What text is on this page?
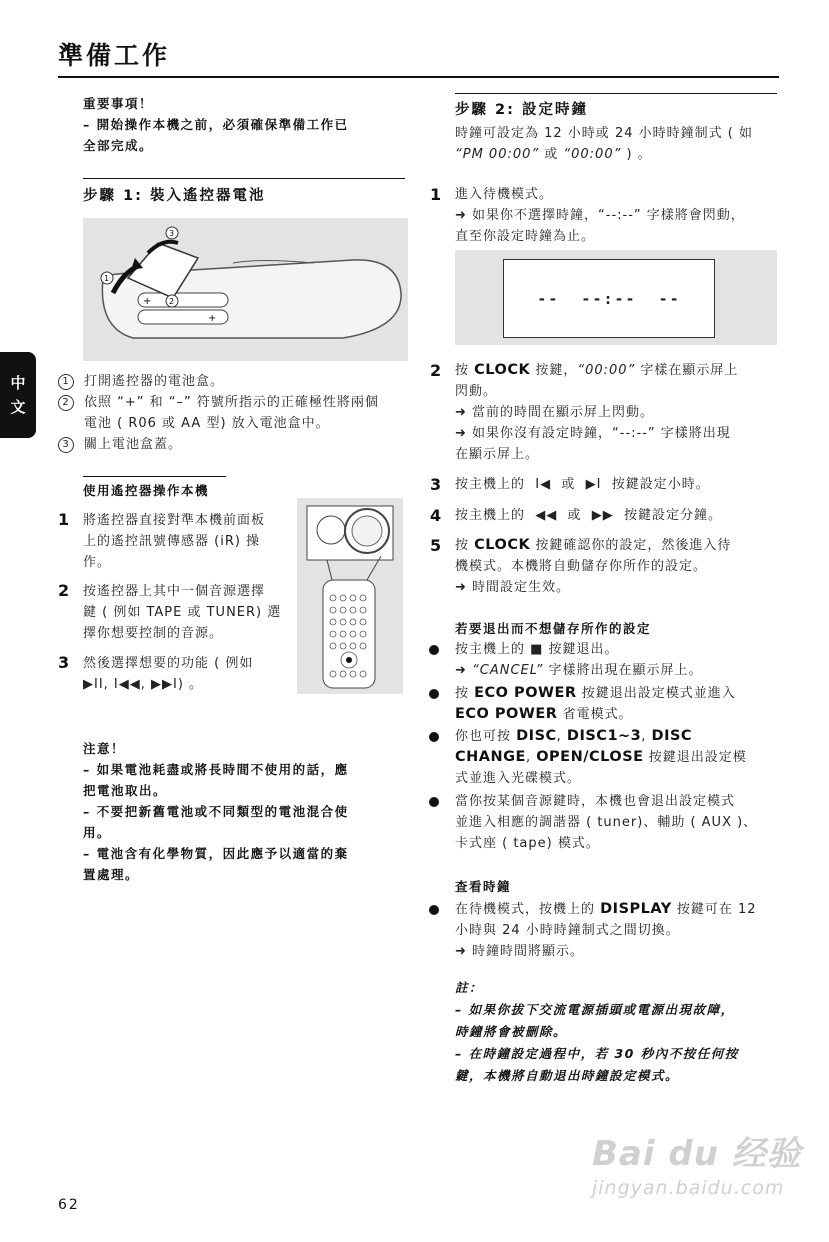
準備工作
中
文
重要事項！
– 開始操作本機之前，必須確保準備工作已
全部完成。
步驟 1: 裝入遙控器電池
+
+
1
2
3
1	打開遙控器的電池盒。
2	依照 “+” 和 “–” 符號所指示的正確極性將兩個
電池 ( R06 或 AA 型) 放入電池盒中。
3	關上電池盒蓋。
使用遙控器操作本機
1 將遙控器直接對準本機前面板
上的遙控訊號傳感器 (iR) 操
作。
2 按遙控器上其中一個音源選擇
鍵 ( 例如 TAPE 或 TUNER) 選
擇你想要控制的音源。
3 然後選擇想要的功能 ( 例如
▶II, I◀◀, ▶▶I) 。
注意！
– 如果電池耗盡或將長時間不使用的話，應
把電池取出。
– 不要把新舊電池或不同類型的電池混合使
用。
– 電池含有化學物質，因此應予以適當的棄
置處理。
步驟 2: 設定時鐘
時鐘可設定為 12 小時或 24 小時時鐘制式 ( 如
“PM 00:00” 或 “00:00” ) 。
1 進入待機模式。
➜ 如果你不選擇時鐘，“--:--” 字樣將會閃動，
直至你設定時鐘為止。
--  --:--  --
2 按 CLOCK 按鍵，“00:00” 字樣在顯示屏上
閃動。
➜ 當前的時間在顯示屏上閃動。
➜ 如果你沒有設定時鐘，“--:--” 字樣將出現
在顯示屏上。
3 按主機上的  I◀  或  ▶I  按鍵設定小時。
4 按主機上的  ◀◀  或  ▶▶  按鍵設定分鐘。
5 按 CLOCK 按鍵確認你的設定，然後進入待
機模式。本機將自動儲存你所作的設定。
➜ 時間設定生效。
若要退出而不想儲存所作的設定
按主機上的 ■ 按鍵退出。
➜ “CANCEL” 字樣將出現在顯示屏上。
按 ECO POWER 按鍵退出設定模式並進入
ECO POWER 省電模式。
你也可按 DISC, DISC1~3, DISC
CHANGE, OPEN/CLOSE 按鍵退出設定模
式並進入光碟模式。
當你按某個音源鍵時，本機也會退出設定模式
並進入相應的調諧器 ( tuner)、輔助 ( AUX )、
卡式座 ( tape) 模式。
查看時鐘
在待機模式，按機上的 DISPLAY 按鍵可在 12
小時與 24 小時時鐘制式之間切換。
➜ 時鐘時間將顯示。
註：
– 如果你拔下交流電源插頭或電源出現故障，
時鐘將會被刪除。
– 在時鐘設定過程中，若 30 秒內不按任何按
鍵，本機將自動退出時鐘設定模式。
Bai du 经验
jingyan.baidu.com
62
